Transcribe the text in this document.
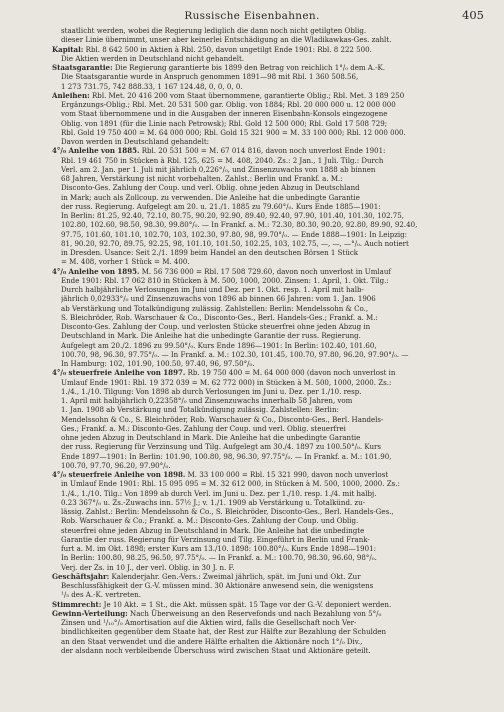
Russische Eisenbahnen.	405
staatlicht werden, wobei die Regierung lediglich die dann noch nicht getilgten Oblig.
dieser Linie übernimmt, unser aber keinerlei Entschädigung an die Wladikawkas-Ges. zahlt.
Kapital: Rbl. 8 642 500 in Aktien à Rbl. 250, davon ungetilgt Ende 1901: Rbl. 8 222 500.
Die Aktien werden in Deutschland nicht gehandelt.
Staatsgarantie: Die Regierung garantierte bis 1899 den Betrag von reichlich 1°/₀ dem A.-K.
Die Staatsgarantie wurde in Anspruch genommen 1891—98 mit Rbl. 1 360 508.56,
1 273 731.75, 742 888.33, 1 167 124.48, 0, 0, 0, 0.
Anleihen: Rbl. Met. 20 416 200 vom Staat übernommene, garantierte Oblig.; Rbl. Met. 3 189 250
Ergänzungs-Oblig.; Rbl. Met. 20 531 500 gar. Oblig. von 1884; Rbl. 20 000 000 u. 12 000 000
vom Staat übernommene und in die Ausgaben der inneren Eisenbahn-Konsols eingezogene
Oblig. von 1891 (für die Linie nach Petrowsk); Rbl. Gold 12 500 000; Rbl. Gold 17 508 729;
Rbl. Gold 19 750 400 = M. 64 000 000; Rbl. Gold 15 321 900 = M. 33 100 000; Rbl. 12 000 000.
Davon werden in Deutschland gehandelt:
4°/₀ Anleihe von 1885. Rbl. 20 531 500 = M. 67 014 816, davon noch unverlost Ende 1901:
Rbl. 19 461 750 in Stücken à Rbl. 125, 625 = M. 408, 2040. Zs.: 2 Jan., 1 Juli. Tilg.: Durch
Verl. am 2. Jan. per 1. Juli mit jährlich 0,226°/₀, und Zinsenzuwachs von 1888 ab binnen
68 Jahren, Verstärkung ist nicht vorbehalten. Zahlst.: Berlin und Frankf. a. M.:
Disconto-Ges. Zahlung der Coup. und verl. Oblig. ohne jeden Abzug in Deutschland
in Mark; auch als Zollcoup. zu verwenden. Die Anleihe hat die unbedingte Garantie
der russ. Regierung. Aufgelegt am 20. u. 21./1. 1885 zu 79.60°/₀. Kurs Ende 1885—1901:
In Berlin: 81.25, 92.40, 72.10, 80.75, 90.20, 92.90, 89.40, 92.40, 97.90, 101.40, 101.30, 102.75,
102.80, 102.60, 98.50, 98.30, 99.80°/₀. — In Frankf. a. M.: 72.30, 80.30, 90.20, 92.80, 89.90, 92.40,
97.75, 101.60, 101.10, 102.70, 103, 102.30, 97.80, 98, 99.70°/₀. — Ende 1888—1901: In Leipzig:
81, 90.20, 92.70, 89.75, 92.25, 98, 101.10, 101.50, 102.25, 103, 102.75, —, —, —°/₀. Auch notiert
in Dresden. Usance: Seit 2./1. 1899 beim Handel an den deutschen Börsen 1 Stück
= M. 408, vorher 1 Stück = M. 400.
4°/₀ Anleihe von 1895. M. 56 736 000 = Rbl. 17 508 729.60, davon noch unverlost in Umlauf
Ende 1901: Rbl. 17 062 810 in Stücken à M. 500, 1000, 2000. Zinsen: 1. April, 1. Okt. Tilg.:
Durch halbjährliche Verlosungen im Juni und Dez. per 1. Okt. resp. 1. April mit halb-
jährlich 0,02933°/₀ und Zinsenzuwachs von 1896 ab binnen 66 Jahren: vom 1. Jan. 1906
ab Verstärkung und Totalkündigung zulässig. Zahlstellen: Berlin: Mendelssohn & Co.,
S. Bleichröder, Rob. Warschauer & Co., Disconto-Ges., Berl. Handels-Ges.; Frankf. a. M.:
Disconto-Ges. Zahlung der Coup. und verlosten Stücke steuerfrei ohne jeden Abzug in
Deutschland in Mark. Die Anleihe hat die unbedingte Garantie der russ. Regierung.
Aufgelegt am 20./2. 1896 zu 99.50°/₀. Kurs Ende 1896—1901: In Berlin: 102.40, 101.60,
100.70, 98, 96.30, 97.75°/₀. — In Frankf. a. M.: 102.30, 101.45, 100.70, 97.80, 96.20, 97.90°/₀. —
In Hamburg: 102, 101.90, 100.50, 97.40, 96, 97.50°/₀.
4°/₀ steuerfreie Anleihe von 1897. Rb. 19 750 400 = M. 64 000 000 (davon noch unverlost in
Umlauf Ende 1901: Rbl. 19 372 039 = M. 62 772 000) in Stücken à M. 500, 1000, 2000. Zs.:
1./4., 1./10. Tilgung: Von 1898 ab durch Verlosungen im Juni u. Dez. per 1./10. resp.
1. April mit halbjährlich 0,22358°/₀ und Zinsenzuwachs innerhalb 58 Jahren, vom
1. Jan. 1908 ab Verstärkung und Totalkündigung zulässig. Zahlstellen: Berlin:
Mendelssohn & Co., S. Bleichröder, Rob. Warschauer & Co., Disconto-Ges., Berl. Handels-
Ges.; Frankf. a. M.: Disconto-Ges. Zahlung der Coup. und verl. Oblig. steuerfrei
ohne jeden Abzug in Deutschland in Mark. Die Anleihe hat die unbedingte Garantie
der russ. Regierung für Verzinsung und Tilg. Aufgelegt am 30./4. 1897 zu 100.50°/₀. Kurs
Ende 1897—1901: In Berlin: 101.90, 100.80, 98, 96.30, 97.75°/₀. — In Frankf. a. M.: 101.90,
100.70, 97.70, 96.20, 97.90°/₀.
4°/₀ steuerfreie Anleihe von 1898. M. 33 100 000 = Rbl. 15 321 990, davon noch unverlost
in Umlauf Ende 1901: Rbl. 15 095 095 = M. 32 612 000, in Stücken à M. 500, 1000, 2000. Zs.:
1./4., 1./10. Tilg.: Von 1899 ab durch Verl. im Juni u. Dez. per 1./10. resp. 1./4. mit halbj.
0.23 367°/₀ u. Zs.-Zuwachs inn. 57½ J.; v. 1./1. 1909 ab Verstärkung u. Totalkünd. zu-
lässig. Zahlst.: Berlin: Mendelssohn & Co., S. Bleichröder, Disconto-Ges., Berl. Handels-Ges.,
Rob. Warschauer & Co.; Frankf. a. M.: Disconto-Ges. Zahlung der Coup. und Oblig.
steuerfrei ohne jeden Abzug in Deutschland in Mark. Die Anleihe hat die unbedingte
Garantie der russ. Regierung für Verzinsung und Tilg. Eingeführt in Berlin und Frank-
furt a. M. im Okt. 1898; erster Kurs am 13./10. 1898: 100.80°/₀. Kurs Ende 1898—1901:
In Berlin: 100.80, 98.25, 96.50, 97.75°/₀. — In Frankf. a. M.: 100.70, 98.30, 96.60, 98°/₀.
Verj. der Zs. in 10 J., der verl. Oblig. in 30 J. n. F.
Geschäftsjahr: Kalenderjahr. Gen.-Vers.: Zweimal jährlich, spät. im Juni und Okt. Zur
Beschlussfähigkeit der G.-V. müssen mind. 30 Aktionäre anwesend sein, die wenigstens
¹/₅ des A.-K. vertreten.
Stimmrecht: Je 10 Akt. = 1 St., die Akt. müssen spät. 15 Tage vor der G.-V. deponiert werden.
Gewinn-Verteilung: Nach Überweisung an den Reservefonds und nach Bezahlung von 5°/₀
Zinsen und ¹/₁₀°/₀ Amortisation auf die Aktien wird, falls die Gesellschaft noch Ver-
bindlichkeiten gegenüber dem Staate hat, der Rest zur Hälfte zur Bezahlung der Schulden
an den Staat verwendet und die andere Hälfte erhalten die Aktionäre noch 1°/₀ Div.,
der alsdann noch verbleibende Überschuss wird zwischen Staat und Aktionäre geteilt.
